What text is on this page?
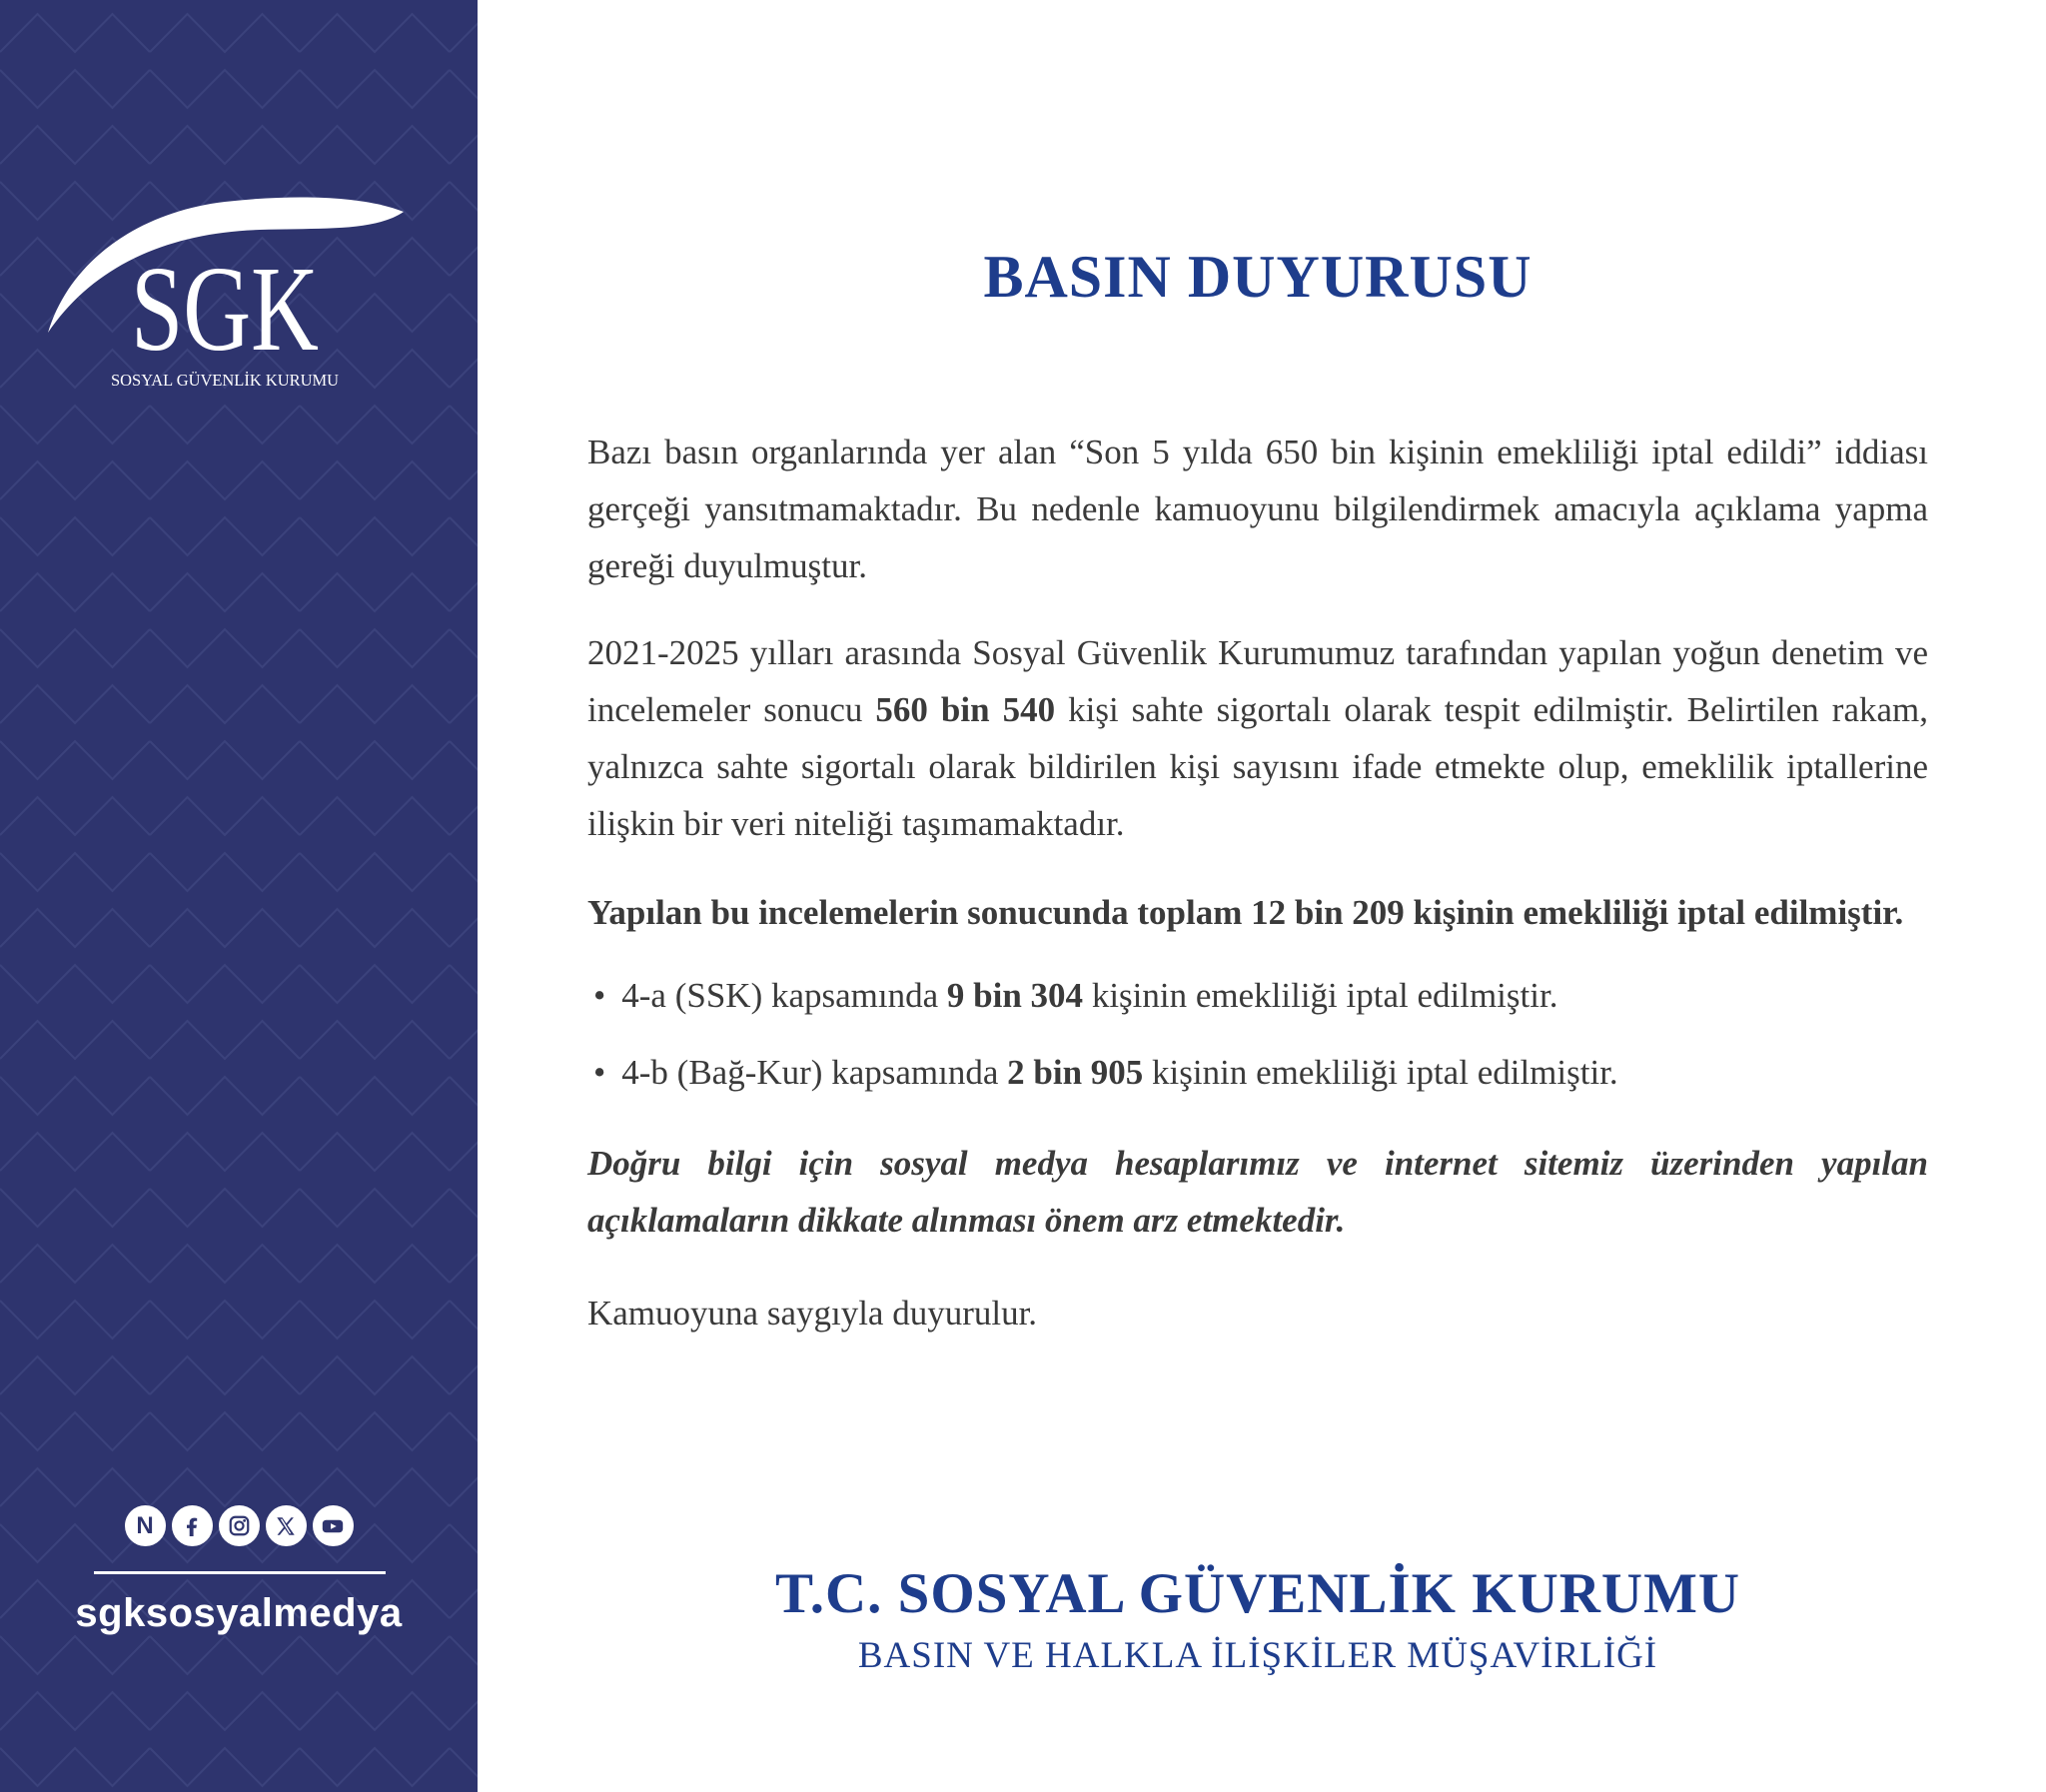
SGK
SOSYAL GÜVENLİK KURUMU
N
sgksosyalmedya
BASIN DUYURUSU

Bazı basın organlarında yer alan “Son 5 yılda 650 bin kişinin emekliliği iptal edildi” iddiası gerçeği yansıtmamaktadır. Bu nedenle kamuoyunu bilgilendirmek amacıyla açıklama yapma gereği duyulmuştur.

2021-2025 yılları arasında Sosyal Güvenlik Kurumumuz tarafından yapılan yoğun denetim ve incelemeler sonucu 560 bin 540 kişi sahte sigortalı olarak tespit edilmiştir. Belirtilen rakam, yalnızca sahte sigortalı olarak bildirilen kişi sayısını ifade etmekte olup, emeklilik iptallerine ilişkin bir veri niteliği taşımamaktadır.

Yapılan bu incelemelerin sonucunda toplam 12 bin 209 kişinin emekliliği iptal edilmiştir.

• 4-a (SSK) kapsamında 9 bin 304 kişinin emekliliği iptal edilmiştir.
• 4-b (Bağ-Kur) kapsamında 2 bin 905 kişinin emekliliği iptal edilmiştir.

Doğru bilgi için sosyal medya hesaplarımız ve internet sitemiz üzerinden yapılan açıklamaların dikkate alınması önem arz etmektedir.

Kamuoyuna saygıyla duyurulur.

T.C. SOSYAL GÜVENLİK KURUMU

BASIN VE HALKLA İLİŞKİLER MÜŞAVİRLİĞİ
